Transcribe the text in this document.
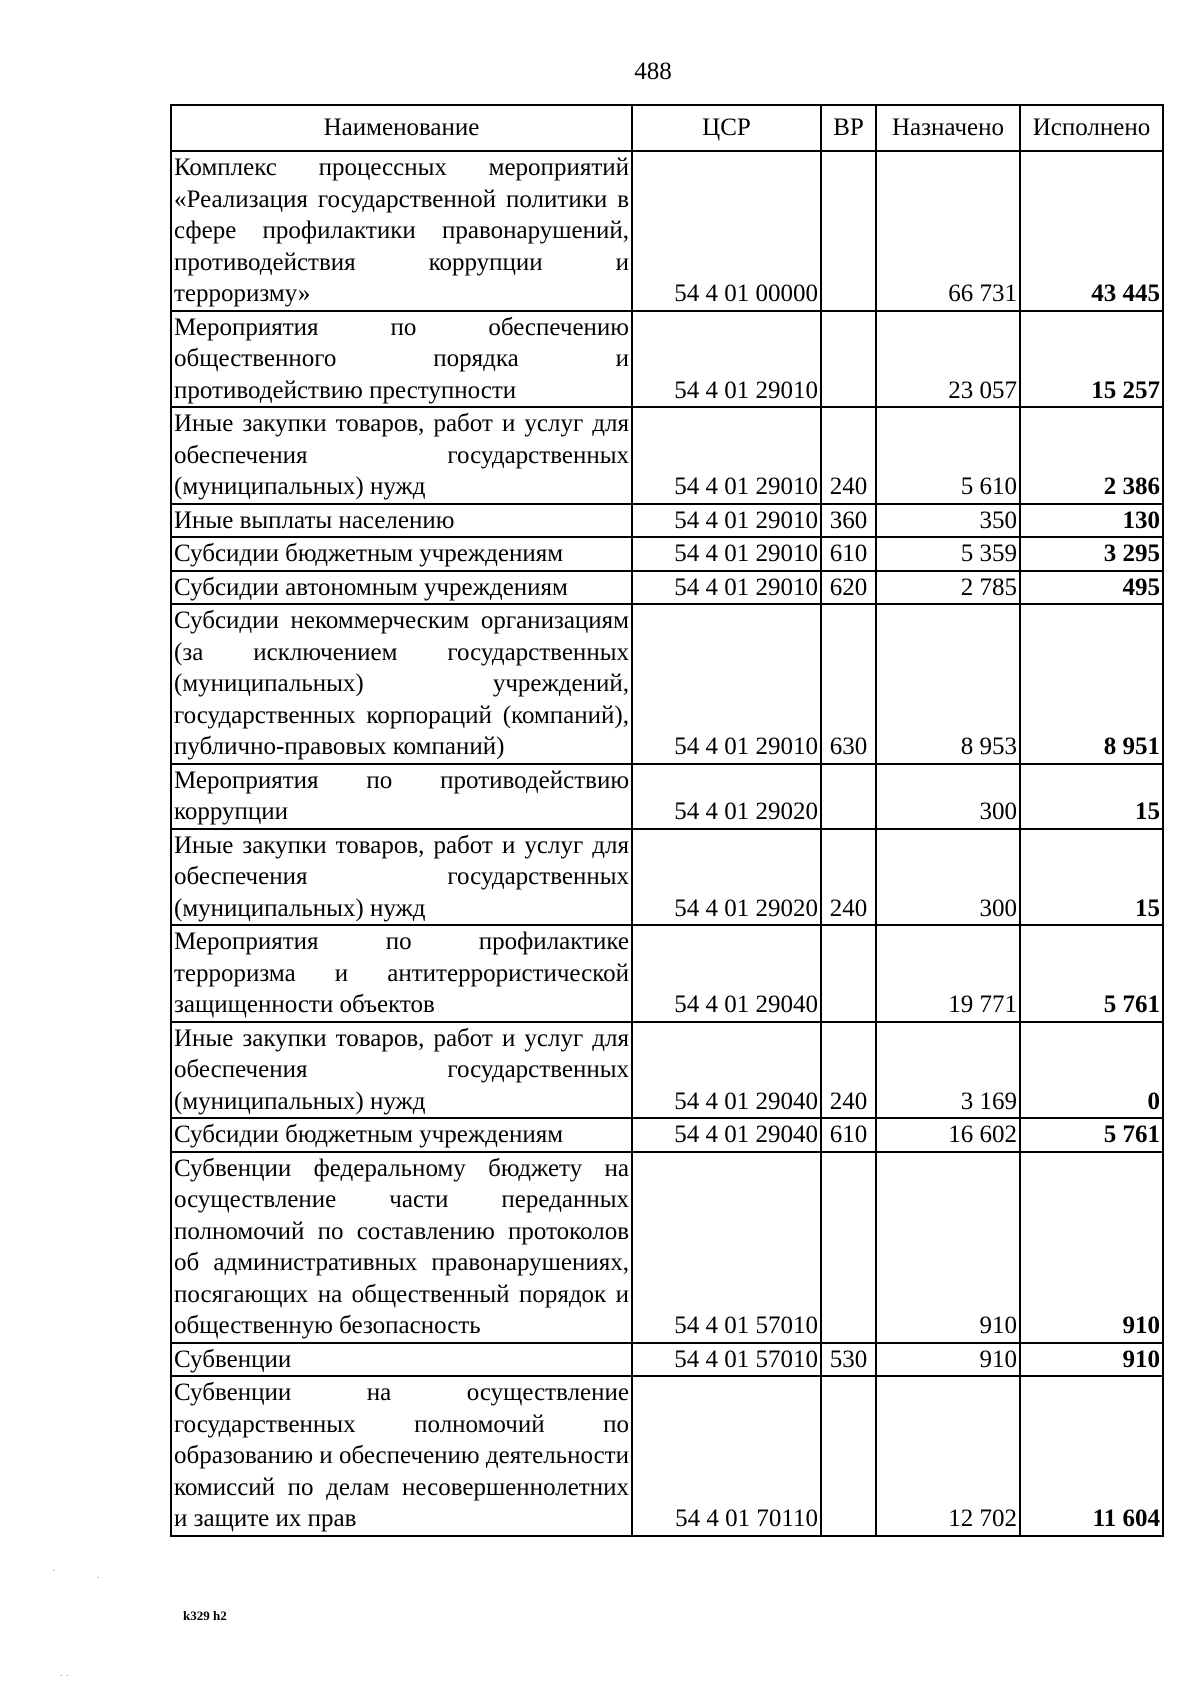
488
Наименование	ЦСР	ВР	Назначено	Исполнено
Комплекс процессных мероприятий «Реализация государственной политики в сфере профилактики правонарушений, противодействия коррупции и терроризму»	54 4 01 00000		66 731	43 445
Мероприятия по обеспечению общественного порядка и противодействию преступности	54 4 01 29010		23 057	15 257
Иные закупки товаров, работ и услуг для обеспечения государственных (муниципальных) нужд	54 4 01 29010	240	5 610	2 386
Иные выплаты населению	54 4 01 29010	360	350	130
Субсидии бюджетным учреждениям	54 4 01 29010	610	5 359	3 295
Субсидии автономным учреждениям	54 4 01 29010	620	2 785	495
Субсидии некоммерческим организациям (за исключением государственных (муниципальных) учреждений, государственных корпораций (компаний), публично-правовых компаний)	54 4 01 29010	630	8 953	8 951
Мероприятия по противодействию коррупции	54 4 01 29020		300	15
Иные закупки товаров, работ и услуг для обеспечения государственных (муниципальных) нужд	54 4 01 29020	240	300	15
Мероприятия по профилактике терроризма и антитеррористической защищенности объектов	54 4 01 29040		19 771	5 761
Иные закупки товаров, работ и услуг для обеспечения государственных (муниципальных) нужд	54 4 01 29040	240	3 169	0
Субсидии бюджетным учреждениям	54 4 01 29040	610	16 602	5 761
Субвенции федеральному бюджету на осуществление части переданных полномочий по составлению протоколов об административных правонарушениях, посягающих на общественный порядок и общественную безопасность	54 4 01 57010		910	910
Субвенции	54 4 01 57010	530	910	910
Субвенции на осуществление государственных полномочий по образованию и обеспечению деятельности комиссий по делам несовершеннолетних и защите их прав	54 4 01 70110		12 702	11 604
k329 h2
·
·
∙ ·
